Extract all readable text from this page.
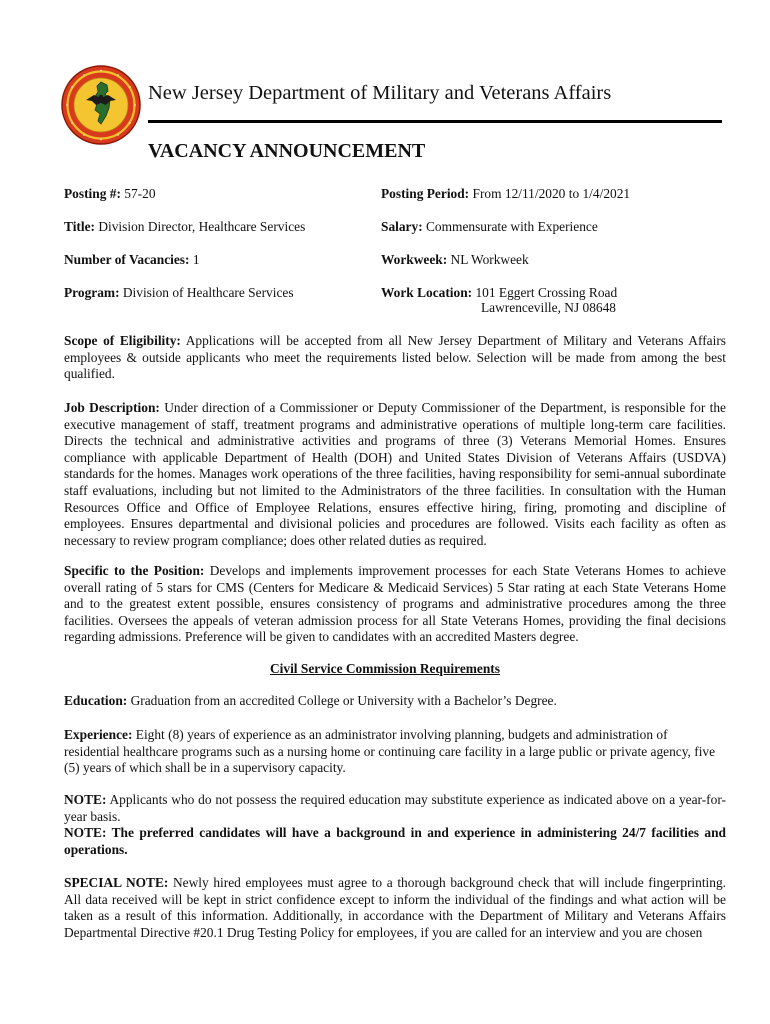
New Jersey Department of Military and Veterans Affairs
VACANCY ANNOUNCEMENT
Posting #: 57-20	Posting Period: From 12/11/2020 to 1/4/2021
Title: Division Director, Healthcare Services	Salary: Commensurate with Experience
Number of Vacancies: 1	Workweek: NL Workweek
Program: Division of Healthcare Services	Work Location: 101 Eggert Crossing Road
Lawrenceville, NJ 08648

Scope of Eligibility: Applications will be accepted from all New Jersey Department of Military and Veterans Affairs employees & outside applicants who meet the requirements listed below. Selection will be made from among the best qualified.

Job Description: Under direction of a Commissioner or Deputy Commissioner of the Department, is responsible for the executive management of staff, treatment programs and administrative operations of multiple long-term care facilities. Directs the technical and administrative activities and programs of three (3) Veterans Memorial Homes. Ensures compliance with applicable Department of Health (DOH) and United States Division of Veterans Affairs (USDVA) standards for the homes. Manages work operations of the three facilities, having responsibility for semi-annual subordinate staff evaluations, including but not limited to the Administrators of the three facilities. In consultation with the Human Resources Office and Office of Employee Relations, ensures effective hiring, firing, promoting and discipline of employees. Ensures departmental and divisional policies and procedures are followed. Visits each facility as often as necessary to review program compliance; does other related duties as required.

Specific to the Position: Develops and implements improvement processes for each State Veterans Homes to achieve overall rating of 5 stars for CMS (Centers for Medicare & Medicaid Services) 5 Star rating at each State Veterans Home and to the greatest extent possible, ensures consistency of programs and administrative procedures among the three facilities. Oversees the appeals of veteran admission process for all State Veterans Homes, providing the final decisions regarding admissions. Preference will be given to candidates with an accredited Masters degree.

Civil Service Commission Requirements

Education: Graduation from an accredited College or University with a Bachelor’s Degree.

Experience: Eight (8) years of experience as an administrator involving planning, budgets and administration of residential healthcare programs such as a nursing home or continuing care facility in a large public or private agency, five (5) years of which shall be in a supervisory capacity.

NOTE: Applicants who do not possess the required education may substitute experience as indicated above on a year-for-year basis.

NOTE: The preferred candidates will have a background in and experience in administering 24/7 facilities and operations.

SPECIAL NOTE: Newly hired employees must agree to a thorough background check that will include fingerprinting. All data received will be kept in strict confidence except to inform the individual of the findings and what action will be taken as a result of this information. Additionally, in accordance with the Department of Military and Veterans Affairs Departmental Directive #20.1 Drug Testing Policy for employees, if you are called for an interview and you are chosen
